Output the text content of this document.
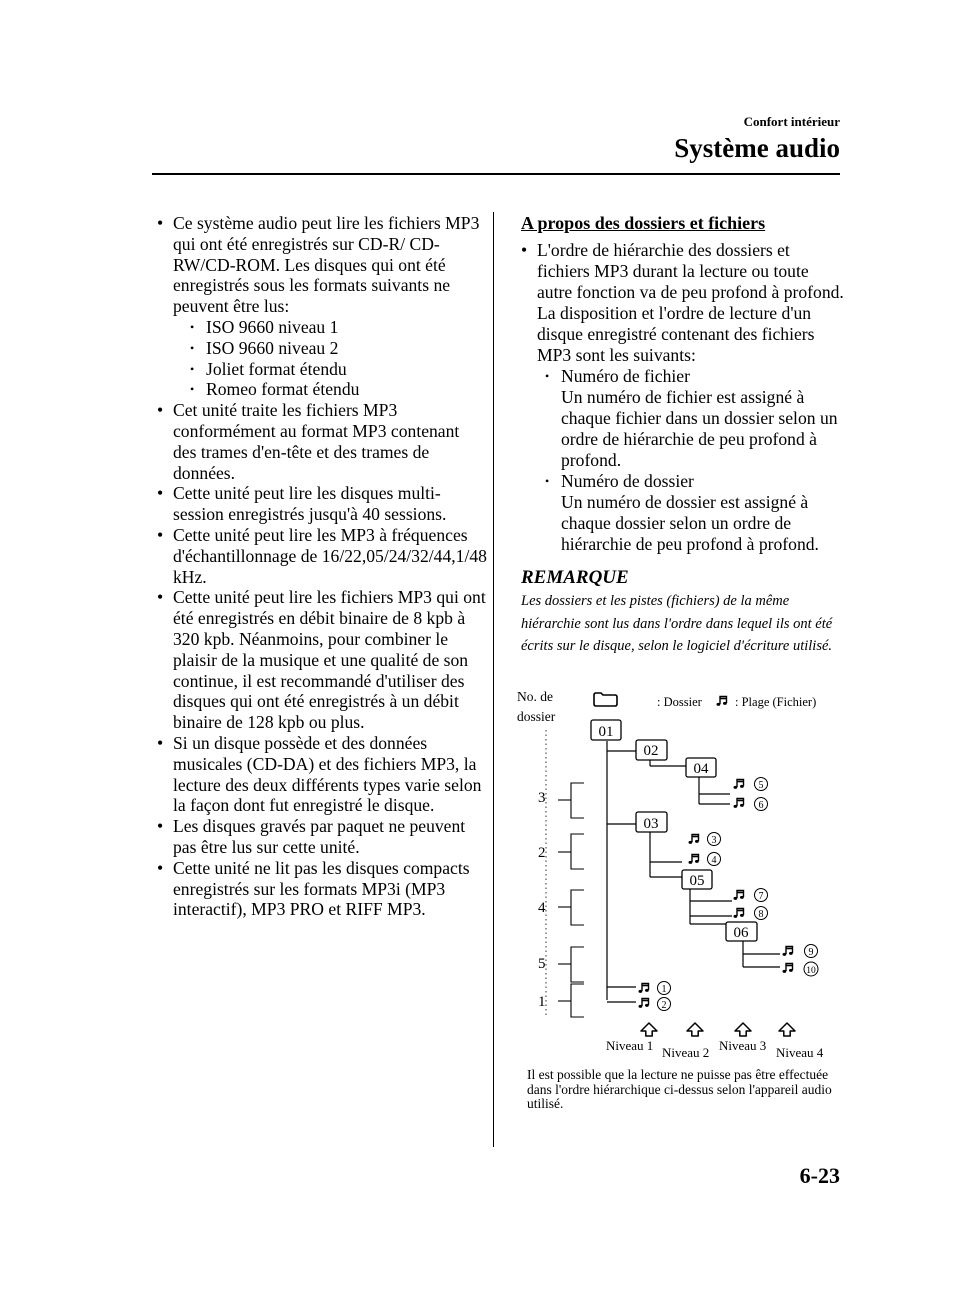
Confort intérieur
Système audio
• Ce système audio peut lire les fichiers MP3 qui ont été enregistrés sur CD-R/ CD-RW/CD-ROM. Les disques qui ont été enregistrés sous les formats suivants ne peuvent être lus:
• ISO 9660 niveau 1
• ISO 9660 niveau 2
• Joliet format étendu
• Romeo format étendu
• Cet unité traite les fichiers MP3 conformément au format MP3 contenant des trames d'en-tête et des trames de données.
• Cette unité peut lire les disques multi-session enregistrés jusqu'à 40 sessions.
• Cette unité peut lire les MP3 à fréquences d'échantillonnage de 16/22,05/24/32/44,1/48 kHz.
• Cette unité peut lire les fichiers MP3 qui ont été enregistrés en débit binaire de 8 kpb à 320 kpb. Néanmoins, pour combiner le plaisir de la musique et une qualité de son continue, il est recommandé d'utiliser des disques qui ont été enregistrés à un débit binaire de 128 kpb ou plus.
• Si un disque possède et des données musicales (CD-DA) et des fichiers MP3, la lecture des deux différents types varie selon la façon dont fut enregistré le disque.
• Les disques gravés par paquet ne peuvent pas être lus sur cette unité.
• Cette unité ne lit pas les disques compacts enregistrés sur les formats MP3i (MP3 interactif), MP3 PRO et RIFF MP3.
A propos des dossiers et fichiers
• L'ordre de hiérarchie des dossiers et fichiers MP3 durant la lecture ou toute autre fonction va de peu profond à profond. La disposition et l'ordre de lecture d'un disque enregistré contenant des fichiers MP3 sont les suivants:
• Numéro de fichier
Un numéro de fichier est assigné à chaque fichier dans un dossier selon un ordre de hiérarchie de peu profond à profond.
• Numéro de dossier
Un numéro de dossier est assigné à chaque dossier selon un ordre de hiérarchie de peu profond à profond.
REMARQUE
Les dossiers et les pistes (fichiers) de la même hiérarchie sont lus dans l'ordre dans lequel ils ont été écrits sur le disque, selon le logiciel d'écriture utilisé.
No. de
dossier
: Dossier	: Plage (Fichier)
3
2
4
5
1
01
02
04
03
05
06
1
2
3
4
5
6
7
8
9
10
Niveau 1 Niveau 2 Niveau 3 Niveau 4
Il est possible que la lecture ne puisse pas être effectuée dans l'ordre hiérarchique ci-dessus selon l'appareil audio utilisé.
6-23
